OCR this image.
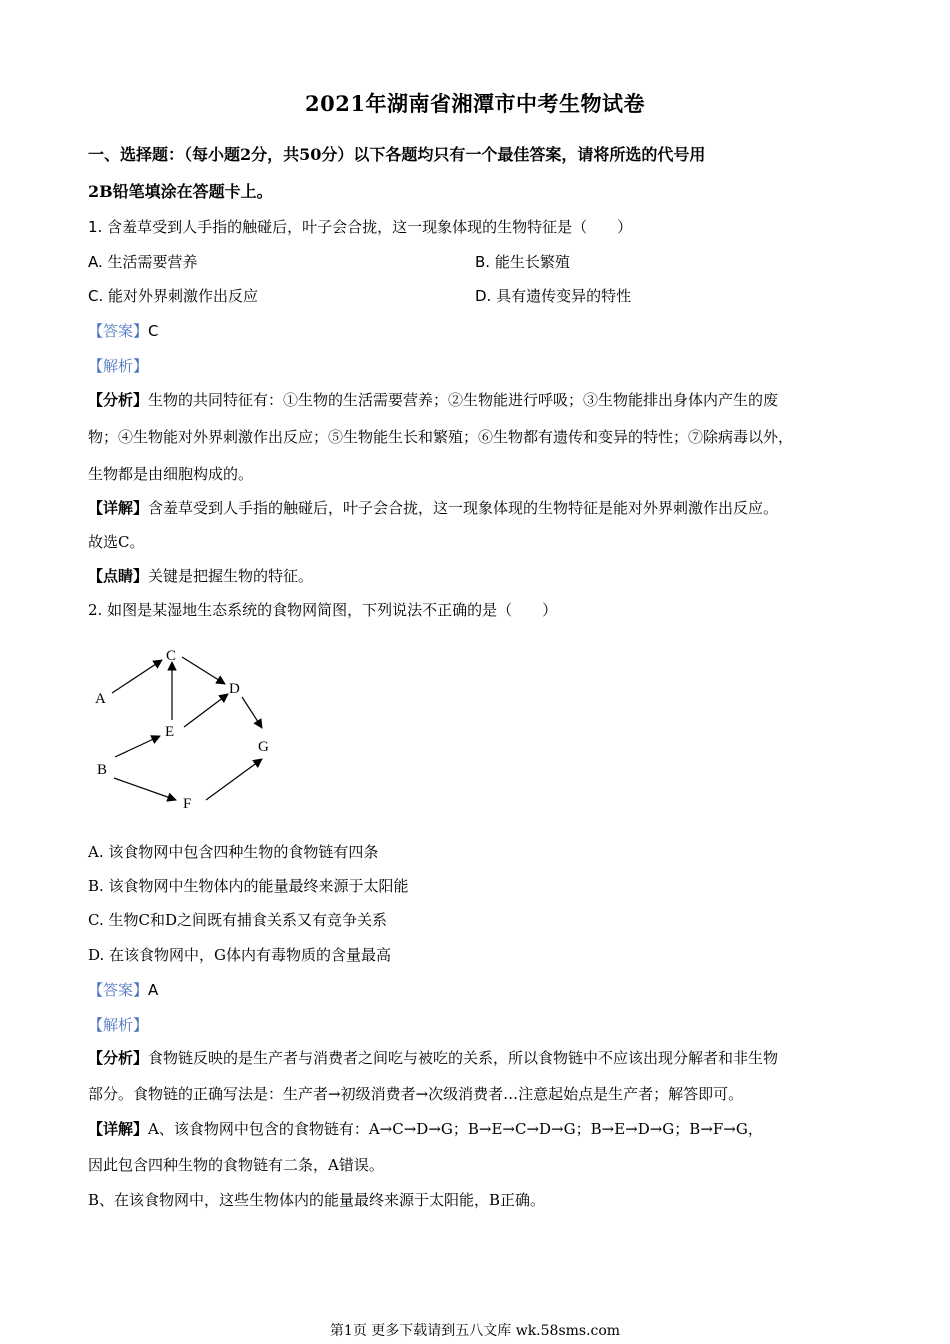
2021年湖南省湘潭市中考生物试卷
一、选择题：（每小题2分，共50分）以下各题均只有一个最佳答案，请将所选的代号用
2B铅笔填涂在答题卡上。
1. 含羞草受到人手指的触碰后，叶子会合拢，这一现象体现的生物特征是（　　）
A. 生活需要营养	B. 能生长繁殖
C. 能对外界刺激作出反应	D. 具有遗传变异的特性
【答案】C
【解析】
【分析】生物的共同特征有：①生物的生活需要营养；②生物能进行呼吸；③生物能排出身体内产生的废
物；④生物能对外界刺激作出反应；⑤生物能生长和繁殖；⑥生物都有遗传和变异的特性；⑦除病毒以外，
生物都是由细胞构成的。
【详解】含羞草受到人手指的触碰后，叶子会合拢，这一现象体现的生物特征是能对外界刺激作出反应。
故选C。
【点睛】关键是把握生物的特征。
2. 如图是某湿地生态系统的食物网简图，下列说法不正确的是（　　）
A
C
D
E
G
B
F
A. 该食物网中包含四种生物的食物链有四条
B. 该食物网中生物体内的能量最终来源于太阳能
C. 生物C和D之间既有捕食关系又有竞争关系
D. 在该食物网中，G体内有毒物质的含量最高
【答案】A
【解析】
【分析】食物链反映的是生产者与消费者之间吃与被吃的关系，所以食物链中不应该出现分解者和非生物
部分。食物链的正确写法是：生产者→初级消费者→次级消费者…注意起始点是生产者；解答即可。
【详解】A、该食物网中包含的食物链有：A→C→D→G；B→E→C→D→G；B→E→D→G；B→F→G，
因此包含四种生物的食物链有二条，A错误。
B、在该食物网中，这些生物体内的能量最终来源于太阳能，B正确。
第1页 更多下载请到五八文库 wk.58sms.com
